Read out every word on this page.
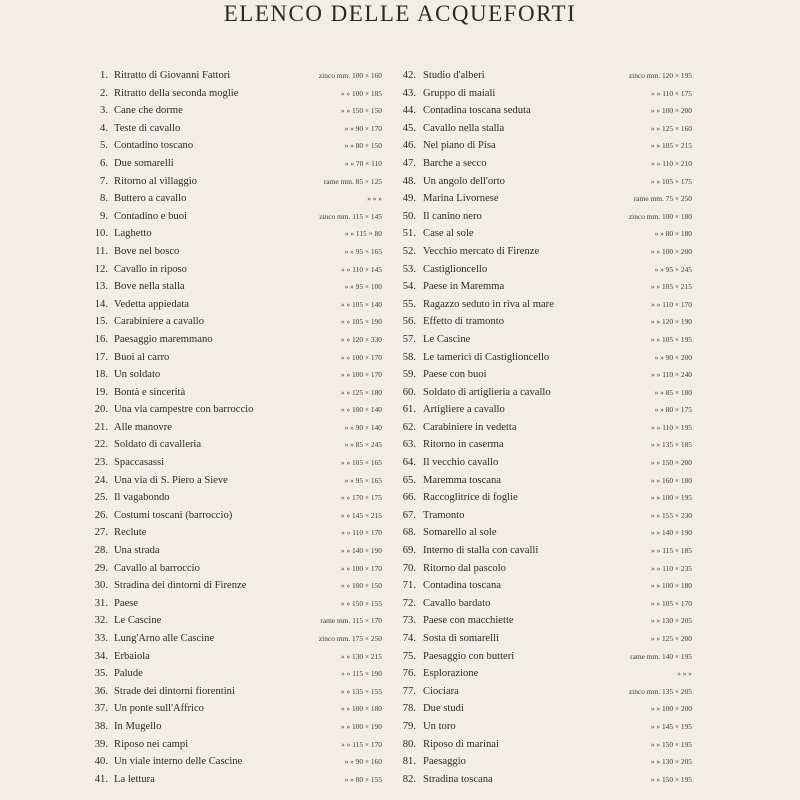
ELENCO DELLE ACQUEFORTI
1. Ritratto di Giovanni Fattori	zinco mm. 100 × 160
2. Ritratto della seconda moglie	» » 100 × 185
3. Cane che dorme	» » 150 × 150
4. Teste di cavallo	» » 90 × 170
5. Contadino toscano	» » 80 × 150
6. Due somarelli	» » 70 × 110
7. Ritorno al villaggio	rame mm. 85 × 125
8. Buttero a cavallo	» » »
9. Contadino e buoi	zinco mm. 115 × 145
10. Laghetto	» » 115 × 80
11. Bove nel bosco	» » 95 × 165
12. Cavallo in riposo	» » 110 × 145
13. Bove nella stalla	» » 95 × 100
14. Vedetta appiedata	» » 105 × 140
15. Carabiniere a cavallo	» » 105 × 190
16. Paesaggio maremmano	» » 120 × 330
17. Buoi al carro	» » 100 × 170
18. Un soldato	» » 100 × 170
19. Bontà e sincerità	» » 125 × 180
20. Una via campestre con barroccio	» » 100 × 140
21. Alle manovre	» » 90 × 140
22. Soldato di cavalleria	» » 85 × 245
23. Spaccasassi	» » 105 × 165
24. Una via di S. Piero a Sieve	» » 95 × 165
25. Il vagabondo	» » 170 × 175
26. Costumi toscani (barroccio)	» » 145 × 215
27. Reclute	» » 110 × 170
28. Una strada	» » 140 × 190
29. Cavallo al barroccio	» » 100 × 170
30. Stradina dei dintorni di Firenze	» » 100 × 150
31. Paese	» » 150 × 155
32. Le Cascine	rame mm. 115 × 170
33. Lung'Arno alle Cascine	zinco mm. 175 × 250
34. Erbaiola	» » 130 × 215
35. Palude	» » 115 × 190
36. Strade dei dintorni fiorentini	» » 135 × 155
37. Un ponte sull'Affrico	» » 100 × 180
38. In Mugello	» » 100 × 190
39. Riposo nei campi	» » 115 × 170
40. Un viale interno delle Cascine	» » 90 × 160
41. La lettura	» » 80 × 155
42. Studio d'alberi	zinco mm. 120 × 195
43. Gruppo di maiali	» » 110 × 175
44. Contadina toscana seduta	» » 100 × 200
45. Cavallo nella stalla	» » 125 × 160
46. Nel piano di Pisa	» » 105 × 215
47. Barche a secco	» » 110 × 210
48. Un angolo dell'orto	» » 105 × 175
49. Marina Livornese	rame mm. 75 × 250
50. Il canino nero	zinco mm. 100 × 180
51. Case al sole	» » 80 × 180
52. Vecchio mercato di Firenze	» » 100 × 200
53. Castiglioncello	» » 95 × 245
54. Paese in Maremma	» » 105 × 215
55. Ragazzo seduto in riva al mare	» » 110 × 170
56. Effetto di tramonto	» » 120 × 190
57. Le Cascine	» » 105 × 195
58. Le tamerici di Castiglioncello	» » 90 × 200
59. Paese con buoi	» » 110 × 240
60. Soldato di artiglieria a cavallo	» » 85 × 180
61. Artigliere a cavallo	» » 80 × 175
62. Carabiniere in vedetta	» » 110 × 195
63. Ritorno in caserma	» » 135 × 185
64. Il vecchio cavallo	» » 150 × 200
65. Maremma toscana	» » 160 × 180
66. Raccoglitrice di foglie	» » 100 × 195
67. Tramonto	» » 155 × 230
68. Somarello al sole	» » 140 × 190
69. Interno di stalla con cavalli	» » 115 × 185
70. Ritorno dal pascolo	» » 110 × 235
71. Contadina toscana	» » 100 × 180
72. Cavallo bardato	» » 105 × 170
73. Paese con macchiette	» » 130 × 205
74. Sosta di somarelli	» » 125 × 200
75. Paesaggio con butteri	rame mm. 140 × 195
76. Esplorazione	» » »
77. Ciociara	zinco mm. 135 × 205
78. Due studi	» » 100 × 200
79. Un toro	» » 145 × 195
80. Riposo di marinai	» » 150 × 195
81. Paesaggio	» » 130 × 205
82. Stradina toscana	» » 150 × 195
